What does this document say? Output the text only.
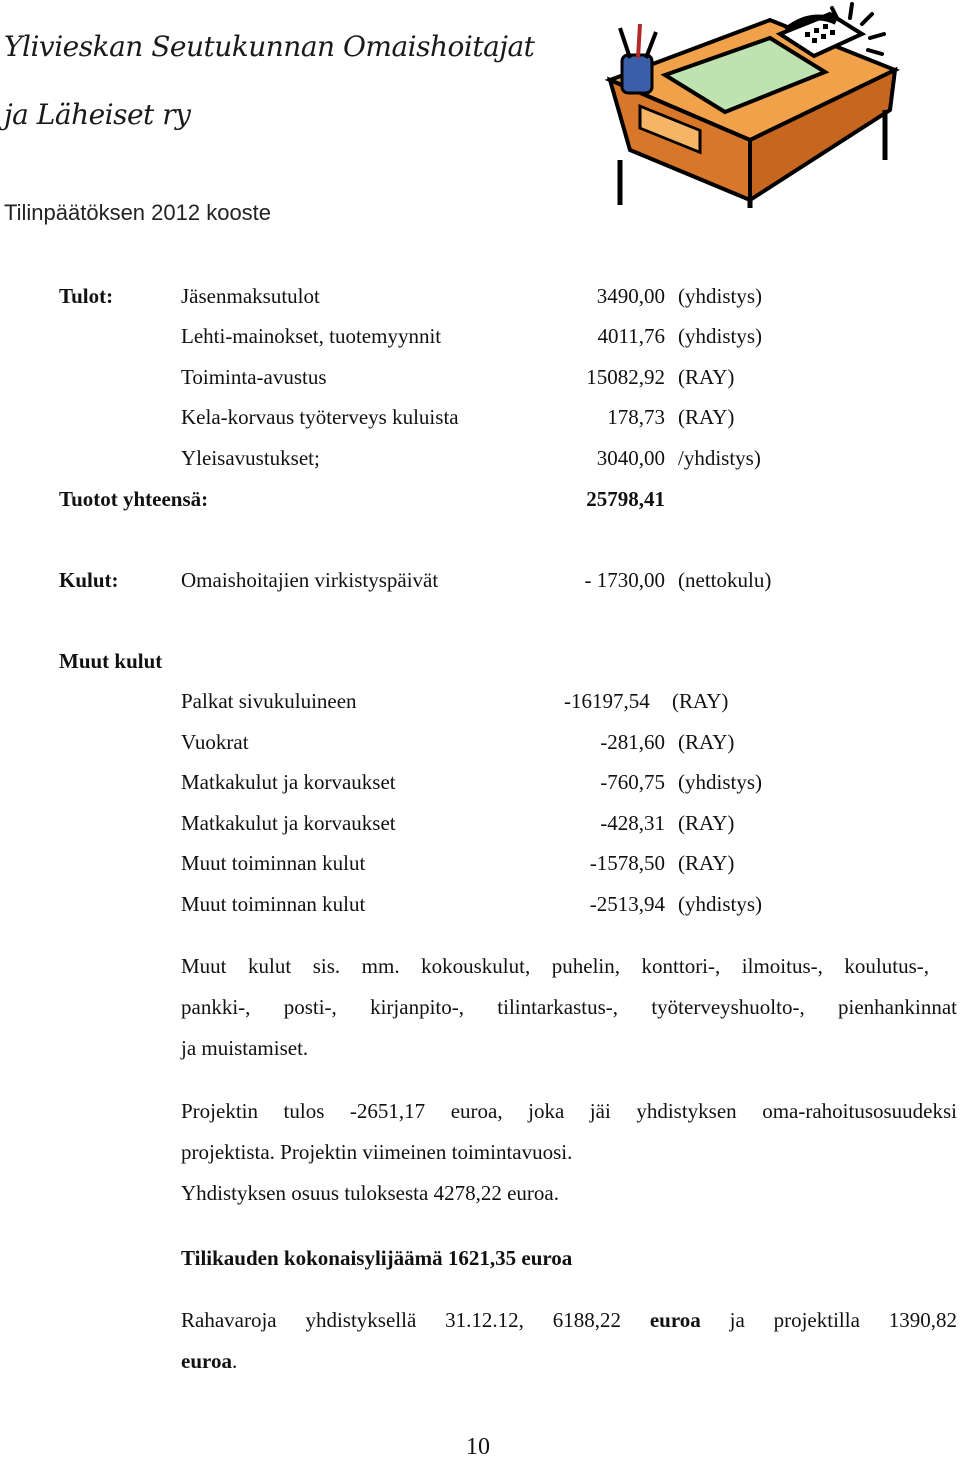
Ylivieskan Seutukunnan Omaishoitajat
ja Läheiset ry
Tilinpäätöksen 2012 kooste
Tulot:	Jäsenmaksutulot	3490,00 (yhdistys)
Lehti-mainokset, tuotemyynnit	4011,76 (yhdistys)
Toiminta-avustus	15082,92 (RAY)
Kela-korvaus työterveys kuluista	178,73 (RAY)
Yleisavustukset;	3040,00 /yhdistys)
Tuotot yhteensä:	25798,41
Kulut:	Omaishoitajien virkistyspäivät	- 1730,00 (nettokulu)
Muut kulut
Palkat sivukuluineen	-16197,54 (RAY)
Vuokrat	-281,60 (RAY)
Matkakulut ja korvaukset	-760,75 (yhdistys)
Matkakulut ja korvaukset	-428,31 (RAY)
Muut toiminnan kulut	-1578,50 (RAY)
Muut toiminnan kulut	-2513,94 (yhdistys)
Muut kulut sis. mm. kokouskulut, puhelin, konttori-, ilmoitus-, koulutus-,
pankki-, posti-, kirjanpito-, tilintarkastus-, työterveyshuolto-, pienhankinnat
ja muistamiset.
Projektin tulos -2651,17 euroa, joka jäi yhdistyksen oma-rahoitusosuudeksi
projektista. Projektin viimeinen toimintavuosi.
Yhdistyksen osuus tuloksesta 4278,22 euroa.
Tilikauden kokonaisylijäämä 1621,35 euroa
Rahavaroja yhdistyksellä 31.12.12, 6188,22 euroa ja projektilla 1390,82
euroa.
10
